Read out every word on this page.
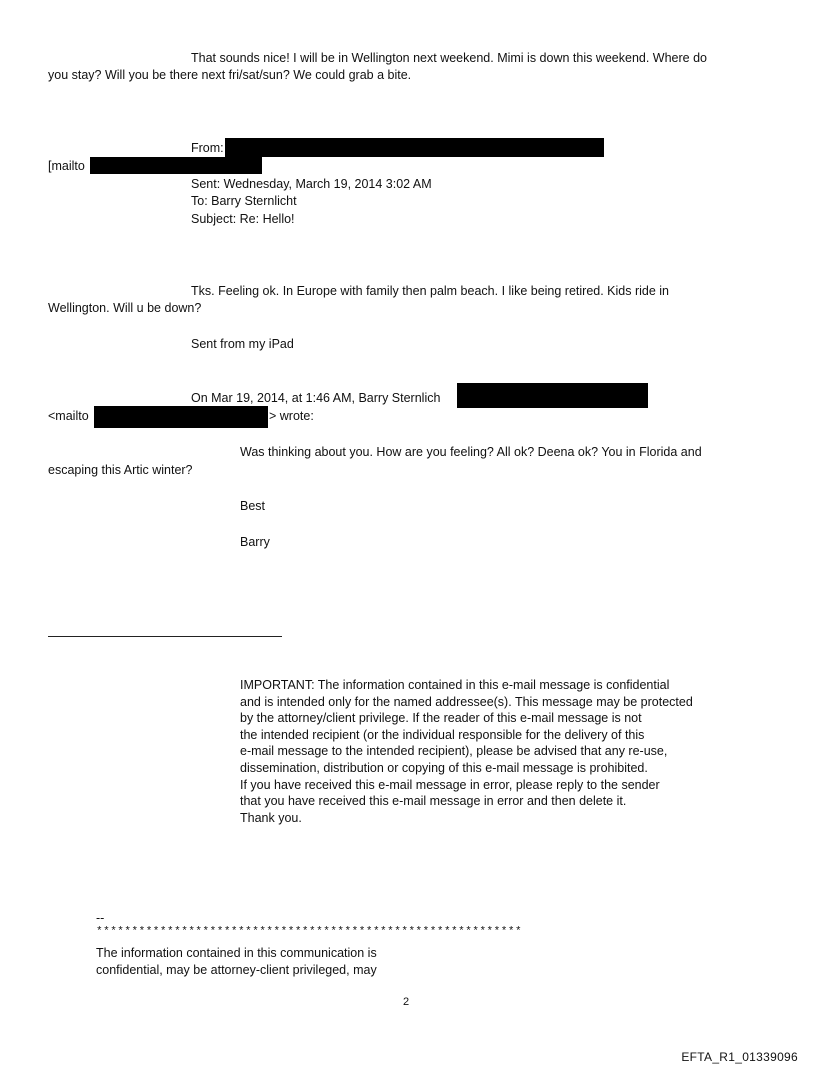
That sounds nice! I will be in Wellington next weekend. Mimi is down this weekend. Where do
you stay? Will you be there next fri/sat/sun? We could grab a bite.
From:
[mailto
Sent: Wednesday, March 19, 2014 3:02 AM
To: Barry Sternlicht
Subject: Re: Hello!
Tks. Feeling ok. In Europe with family then palm beach. I like being retired. Kids ride in
Wellington. Will u be down?
Sent from my iPad
On Mar 19, 2014, at 1:46 AM, Barry Sternlich
<mailto	> wrote:
Was thinking about you. How are you feeling? All ok? Deena ok? You in Florida and
escaping this Artic winter?
Best
Barry
IMPORTANT: The information contained in this e-mail message is confidential
and is intended only for the named addressee(s). This message may be protected
by the attorney/client privilege. If the reader of this e-mail message is not
the intended recipient (or the individual responsible for the delivery of this
e-mail message to the intended recipient), please be advised that any re-use,
dissemination, distribution or copying of this e-mail message is prohibited.
If you have received this e-mail message in error, please reply to the sender
that you have received this e-mail message in error and then delete it.
Thank you.
--
************************************************************
The information contained in this communication is
confidential, may be attorney-client privileged, may
2
EFTA_R1_01339096
